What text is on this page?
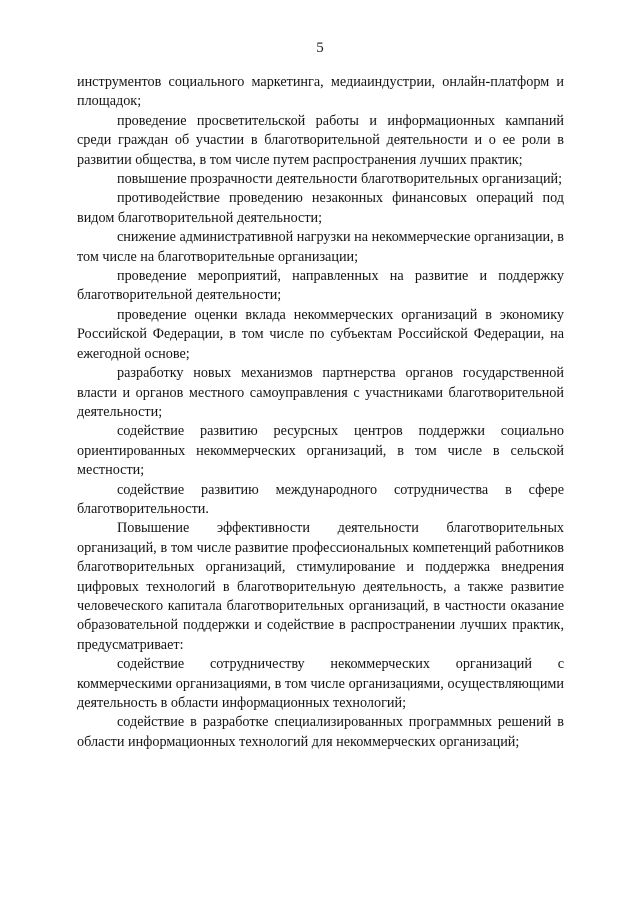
5

инструментов социального маркетинга, медиаиндустрии, онлайн-платформ и площадок;

проведение просветительской работы и информационных кампаний среди граждан об участии в благотворительной деятельности и о ее роли в развитии общества, в том числе путем распространения лучших практик;

повышение прозрачности деятельности благотворительных организаций;

противодействие проведению незаконных финансовых операций под видом благотворительной деятельности;

снижение административной нагрузки на некоммерческие организации, в том числе на благотворительные организации;

проведение мероприятий, направленных на развитие и поддержку благотворительной деятельности;

проведение оценки вклада некоммерческих организаций в экономику Российской Федерации, в том числе по субъектам Российской Федерации, на ежегодной основе;

разработку новых механизмов партнерства органов государственной власти и органов местного самоуправления с участниками благотворительной деятельности;

содействие развитию ресурсных центров поддержки социально ориентированных некоммерческих организаций, в том числе в сельской местности;

содействие развитию международного сотрудничества в сфере благотворительности.

Повышение эффективности деятельности благотворительных организаций, в том числе развитие профессиональных компетенций работников благотворительных организаций, стимулирование и поддержка внедрения цифровых технологий в благотворительную деятельность, а также развитие человеческого капитала благотворительных организаций, в частности оказание образовательной поддержки и содействие в распространении лучших практик, предусматривает:

содействие сотрудничеству некоммерческих организаций с коммерческими организациями, в том числе организациями, осуществляющими деятельность в области информационных технологий;

содействие в разработке специализированных программных решений в области информационных технологий для некоммерческих организаций;
